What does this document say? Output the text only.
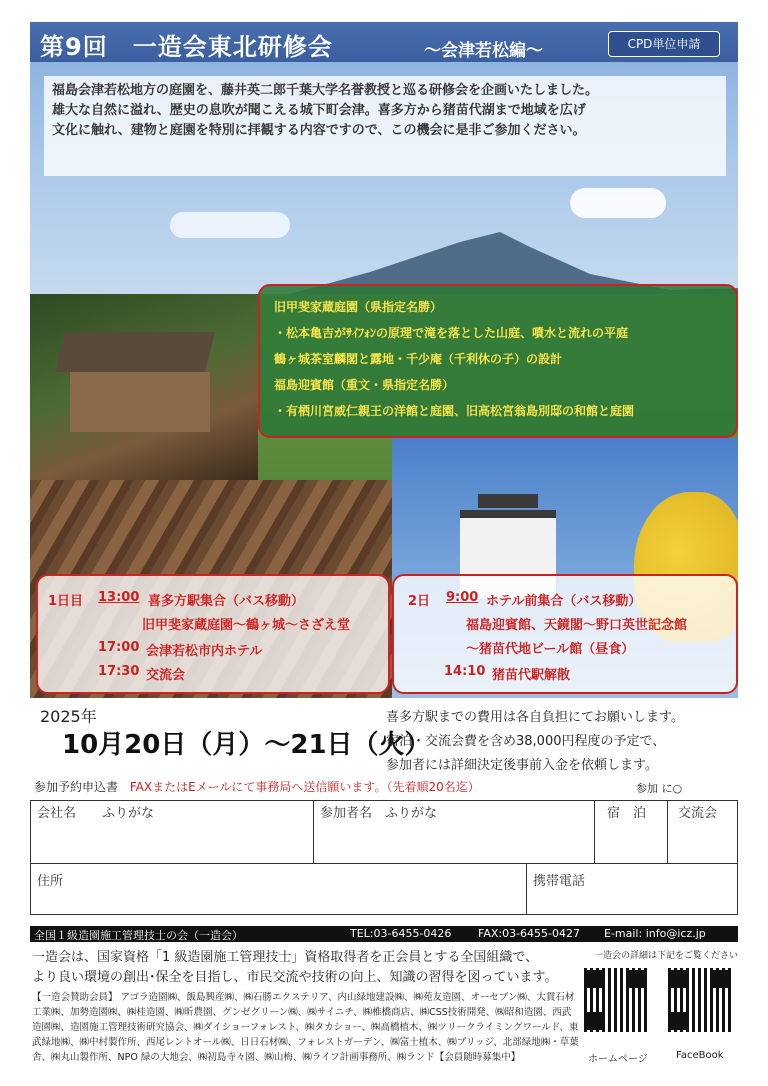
第9回　一造会東北研修会	～会津若松編～	CPD単位申請
福島会津若松地方の庭園を、藤井英二郎千葉大学名誉教授と巡る研修会を企画いたしました。
雄大な自然に溢れ、歴史の息吹が聞こえる城下町会津。喜多方から猪苗代湖まで地域を広げ
文化に触れ、建物と庭園を特別に拝観する内容ですので、この機会に是非ご参加ください。
旧甲斐家蔵庭園（県指定名勝）
・松本亀吉がｻｲﾌｫﾝの原理で滝を落とした山庭、噴水と流れの平庭
鶴ヶ城茶室麟閣と露地・千少庵（千利休の子）の設計
福島迎賓館（重文・県指定名勝）
・有栖川宮威仁親王の洋館と庭園、旧高松宮翁島別邸の和館と庭園
1日目 13:00 喜多方駅集合（バス移動）
旧甲斐家蔵庭園～鶴ヶ城～さざえ堂
17:00 会津若松市内ホテル
17:30 交流会
2日 9:00 ホテル前集合（バス移動）
福島迎賓館、天鏡閣～野口英世記念館
～猪苗代地ビール館（昼食）
14:10 猪苗代駅解散
2025年
10月20日（月）～21日（火）
喜多方駅までの費用は各自負担にてお願いします。
宿泊・交流会費を含め38,000円程度の予定で、
参加者には詳細決定後事前入金を依頼します。
参加予約申込書 FAXまたはEメールにて事務局へ送信願います。（先着順20名迄）	参加 に○
会社名　　ふりがな	参加者名　ふりがな	宿　泊 交流会
住所	携帯電話
全国１級造園施工管理技士の会（一造会）	TEL:03-6455-0426 FAX:03-6455-0427 E-mail: info@icz.jp
一造会は、国家資格「1 級造園施工管理技士」資格取得者を正会員とする全国組織で、
より良い環境の創出･保全を目指し、市民交流や技術の向上、知識の習得を図っています。
一造会の詳細は下記をご覧ください
【一造会賛助会員】 アゴラ造園㈱、飯島興産㈱、㈱石勝エクステリア、内山緑地建設㈱、㈱苑友造園、オーセブン㈱、大貫石材工業㈱、加勢造園㈱、㈱桂造園、㈱昕農園、グンゼグリーン㈱、㈱サイニチ、㈱椎橋商店、㈱CSS技術開発、㈱昭和造園、西武造園㈱、造園施工管理技術研究協会、㈱ダイショーフォレスト、㈱タカショー、㈱高橋植木、㈱ツリークライミングワールド、東武緑地㈱、㈱中村製作所、西尾レントオール㈱、日日石材㈱、フォレストガーデン、㈱富士植木、㈱ブリッジ、北部緑地㈱・草葉舎、㈱丸山製作所、NPO 緑の大地会、㈱初島寺々園、㈱山梅、㈱ライフ計画事務所、㈱ランド【会員随時募集中】	ホームページ	FaceBook
